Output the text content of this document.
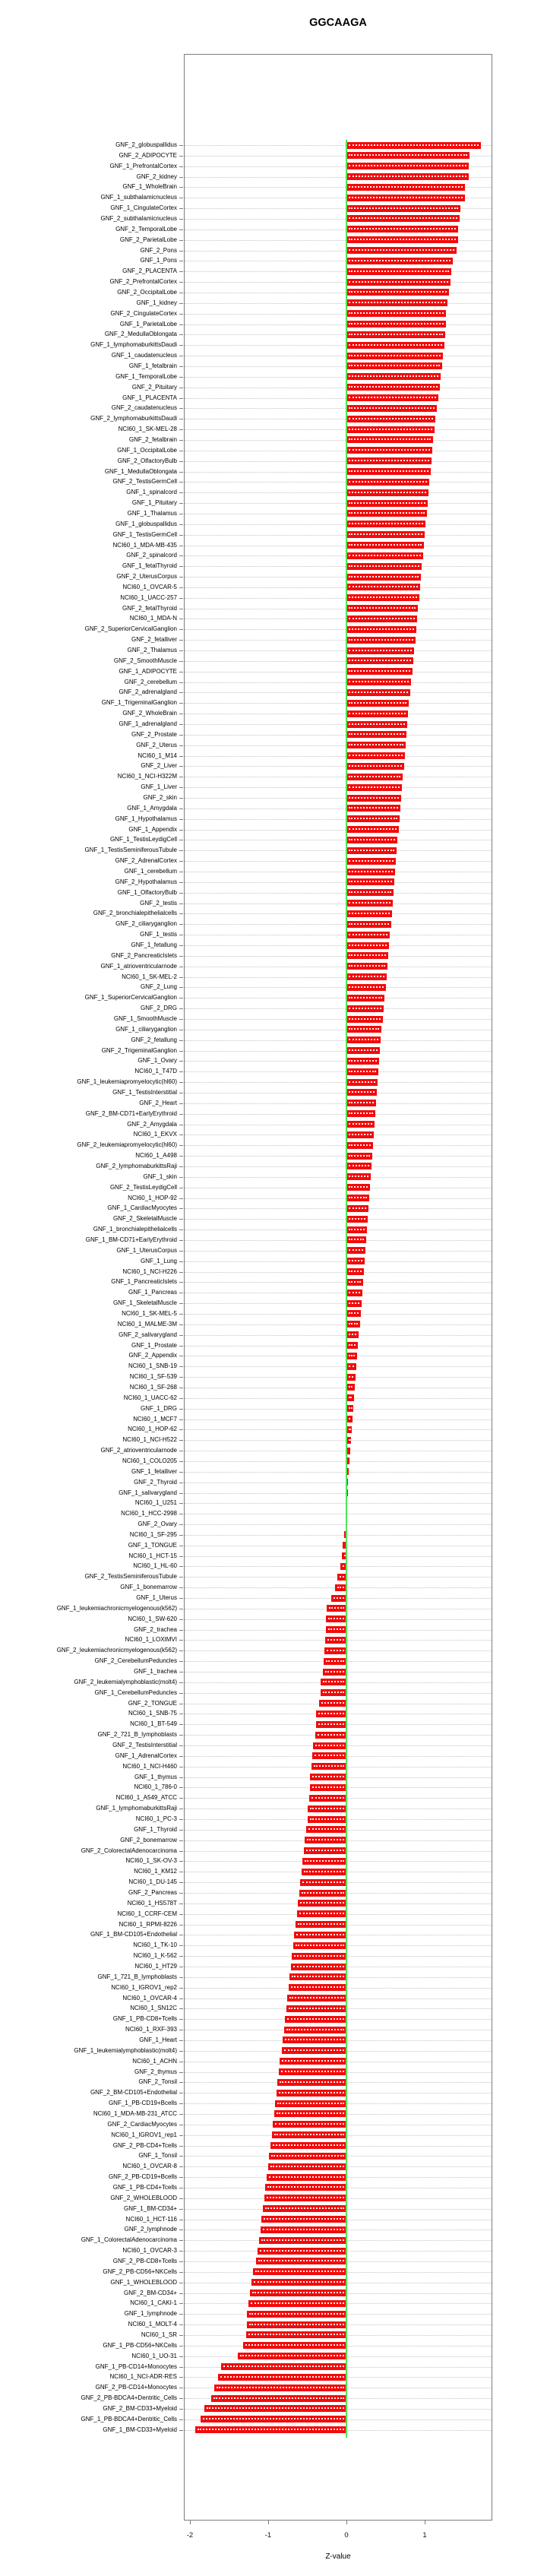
GGCAAGA
GNF_2_globuspallidus
GNF_2_ADIPOCYTE
GNF_1_PrefrontalCortex
GNF_2_kidney
GNF_1_WholeBrain
GNF_1_subthalamicnucleus
GNF_1_CingulateCortex
GNF_2_subthalamicnucleus
GNF_2_TemporalLobe
GNF_2_ParietalLobe
GNF_2_Pons
GNF_1_Pons
GNF_2_PLACENTA
GNF_2_PrefrontalCortex
GNF_2_OccipitalLobe
GNF_1_kidney
GNF_2_CingulateCortex
GNF_1_ParietalLobe
GNF_2_MedullaOblongata
GNF_1_lymphomaburkittsDaudi
GNF_1_caudatenucleus
GNF_1_fetalbrain
GNF_1_TemporalLobe
GNF_2_Pituitary
GNF_1_PLACENTA
GNF_2_caudatenucleus
GNF_2_lymphomaburkittsDaudi
NCI60_1_SK-MEL-28
GNF_2_fetalbrain
GNF_1_OccipitalLobe
GNF_2_OlfactoryBulb
GNF_1_MedullaOblongata
GNF_2_TestisGermCell
GNF_1_spinalcord
GNF_1_Pituitary
GNF_1_Thalamus
GNF_1_globuspallidus
GNF_1_TestisGermCell
NCI60_1_MDA-MB-435
GNF_2_spinalcord
GNF_1_fetalThyroid
GNF_2_UterusCorpus
NCI60_1_OVCAR-5
NCI60_1_UACC-257
GNF_2_fetalThyroid
NCI60_1_MDA-N
GNF_2_SuperiorCervicalGanglion
GNF_2_fetalliver
GNF_2_Thalamus
GNF_2_SmoothMuscle
GNF_1_ADIPOCYTE
GNF_2_cerebellum
GNF_2_adrenalgland
GNF_1_TrigeminalGanglion
GNF_2_WholeBrain
GNF_1_adrenalgland
GNF_2_Prostate
GNF_2_Uterus
NCI60_1_M14
GNF_2_Liver
NCI60_1_NCI-H322M
GNF_1_Liver
GNF_2_skin
GNF_1_Amygdala
GNF_1_Hypothalamus
GNF_1_Appendix
GNF_1_TestisLeydigCell
GNF_1_TestisSeminiferousTubule
GNF_2_AdrenalCortex
GNF_1_cerebellum
GNF_2_Hypothalamus
GNF_1_OlfactoryBulb
GNF_2_testis
GNF_2_bronchialepithelialcells
GNF_2_ciliaryganglion
GNF_1_testis
GNF_1_fetallung
GNF_2_PancreaticIslets
GNF_1_atrioventricularnode
NCI60_1_SK-MEL-2
GNF_2_Lung
GNF_1_SuperiorCervicalGanglion
GNF_2_DRG
GNF_1_SmoothMuscle
GNF_1_ciliaryganglion
GNF_2_fetallung
GNF_2_TrigeminalGanglion
GNF_1_Ovary
NCI60_1_T47D
GNF_1_leukemiapromyelocytic(hl60)
GNF_1_TestisInterstitial
GNF_2_Heart
GNF_2_BM-CD71+EarlyErythroid
GNF_2_Amygdala
NCI60_1_EKVX
GNF_2_leukemiapromyelocytic(hl60)
NCI60_1_A498
GNF_2_lymphomaburkittsRaji
GNF_1_skin
GNF_2_TestisLeydigCell
NCI60_1_HOP-92
GNF_1_CardiacMyocytes
GNF_2_SkeletalMuscle
GNF_1_bronchialepithelialcells
GNF_1_BM-CD71+EarlyErythroid
GNF_1_UterusCorpus
GNF_1_Lung
NCI60_1_NCI-H226
GNF_1_PancreaticIslets
GNF_1_Pancreas
GNF_1_SkeletalMuscle
NCI60_1_SK-MEL-5
NCI60_1_MALME-3M
GNF_2_salivarygland
GNF_1_Prostate
GNF_2_Appendix
NCI60_1_SNB-19
NCI60_1_SF-539
NCI60_1_SF-268
NCI60_1_UACC-62
GNF_1_DRG
NCI60_1_MCF7
NCI60_1_HOP-62
NCI60_1_NCI-H522
GNF_2_atrioventricularnode
NCI60_1_COLO205
GNF_1_fetalliver
GNF_2_Thyroid
GNF_1_salivarygland
NCI60_1_U251
NCI60_1_HCC-2998
GNF_2_Ovary
NCI60_1_SF-295
GNF_1_TONGUE
NCI60_1_HCT-15
NCI60_1_HL-60
GNF_2_TestisSeminiferousTubule
GNF_1_bonemarrow
GNF_1_Uterus
GNF_1_leukemiachronicmyelogenous(k562)
NCI60_1_SW-620
GNF_2_trachea
NCI60_1_LOXIMVI
GNF_2_leukemiachronicmyelogenous(k562)
GNF_2_CerebellumPeduncles
GNF_1_trachea
GNF_2_leukemialymphoblastic(molt4)
GNF_1_CerebellumPeduncles
GNF_2_TONGUE
NCI60_1_SNB-75
NCI60_1_BT-549
GNF_2_721_B_lymphoblasts
GNF_2_TestisInterstitial
GNF_1_AdrenalCortex
NCI60_1_NCI-H460
GNF_1_thymus
NCI60_1_786-0
NCI60_1_A549_ATCC
GNF_1_lymphomaburkittsRaji
NCI60_1_PC-3
GNF_1_Thyroid
GNF_2_bonemarrow
GNF_2_ColorectalAdenocarcinoma
NCI60_1_SK-OV-3
NCI60_1_KM12
NCI60_1_DU-145
GNF_2_Pancreas
NCI60_1_HS578T
NCI60_1_CCRF-CEM
NCI60_1_RPMI-8226
GNF_1_BM-CD105+Endothelial
NCI60_1_TK-10
NCI60_1_K-562
NCI60_1_HT29
GNF_1_721_B_lymphoblasts
NCI60_1_IGROV1_rep2
NCI60_1_OVCAR-4
NCI60_1_SN12C
GNF_1_PB-CD8+Tcells
NCI60_1_RXF-393
GNF_1_Heart
GNF_1_leukemialymphoblastic(molt4)
NCI60_1_ACHN
GNF_2_thymus
GNF_2_Tonsil
GNF_2_BM-CD105+Endothelial
GNF_1_PB-CD19+Bcells
NCI60_1_MDA-MB-231_ATCC
GNF_2_CardiacMyocytes
NCI60_1_IGROV1_rep1
GNF_2_PB-CD4+Tcells
GNF_1_Tonsil
NCI60_1_OVCAR-8
GNF_2_PB-CD19+Bcells
GNF_1_PB-CD4+Tcells
GNF_2_WHOLEBLOOD
GNF_1_BM-CD34+
NCI60_1_HCT-116
GNF_2_lymphnode
GNF_1_ColorectalAdenocarcinoma
NCI60_1_OVCAR-3
GNF_2_PB-CD8+Tcells
GNF_2_PB-CD56+NKCells
GNF_1_WHOLEBLOOD
GNF_2_BM-CD34+
NCI60_1_CAKI-1
GNF_1_lymphnode
NCI60_1_MOLT-4
NCI60_1_SR
GNF_1_PB-CD56+NKCells
NCI60_1_UO-31
GNF_1_PB-CD14+Monocytes
NCI60_1_NCI-ADR-RES
GNF_2_PB-CD14+Monocytes
GNF_2_PB-BDCA4+Dentritic_Cells
GNF_2_BM-CD33+Myeloid
GNF_1_PB-BDCA4+Dentritic_Cells
GNF_1_BM-CD33+Myeloid
-2	-1	0	1
Z-value
